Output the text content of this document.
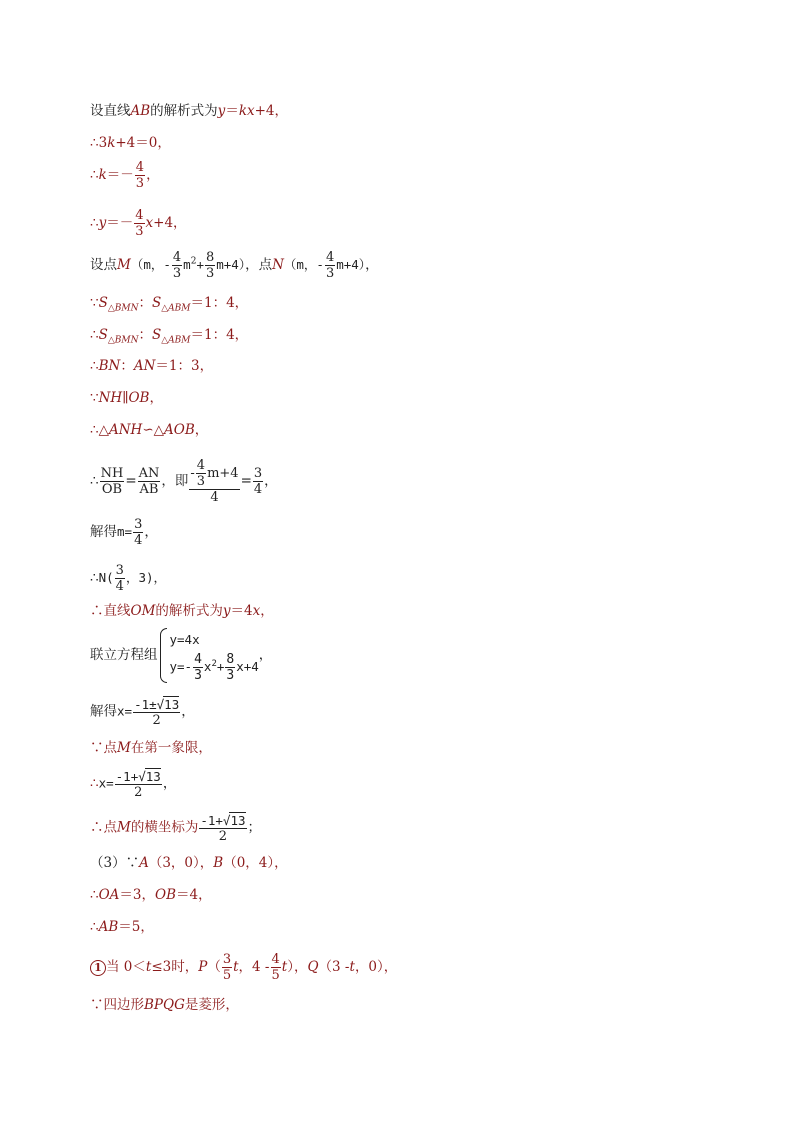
设直线AB的解析式为y＝kx+4，
∴3k+4＝0，
∴k＝－ $\frac{4}{3}$ ，
∴y＝－ $\frac{4}{3} x+4$，
设点M（m，- $\frac{4}{3} m^2+ \frac{8}{3} m+4$），点N（m，- $\frac{4}{3} m+4$），
$\because S_{\triangle BMN}$：$S_{\triangle ABM}=1$：4，
$\therefore S_{\triangle BMN}$：$S_{\triangle ABM}=1$：4，
∴BN：AN＝1：3，
∵NH∥OB，
∴△ANH∽△AOB，
∴ $\frac{NH}{OB} = \frac{AN}{AB}$ ，即 $\frac{- \frac{4}{3} m+4}{4} = \frac{3}{4}$ ，
解得$m= \frac{3}{4}$ ，
∴N( $\frac{3}{4}$ ，3)，
∴直线OM的解析式为y＝4x，
联立方程组
y=4x
$y=- \frac{4}{3} x^2+ \frac{8}{3} x+4$
，
解得$x= \frac{-1\pm√13}{2}$ ，
∵点M在第一象限，
∴x= $\frac{-1+√13}{2}$ ，
∴点M的横坐标为 $\frac{-1+√13}{2}$ ；
（3）∵A（3，0），B（0，4），
∴OA＝3，OB＝4，
∴AB＝5，
1 当 0＜t≤3时，$P( \frac{3}{5}$ t，$4 - \frac{4}{5} t$），Q（3 -t，0），
∵四边形BPQG是菱形，
